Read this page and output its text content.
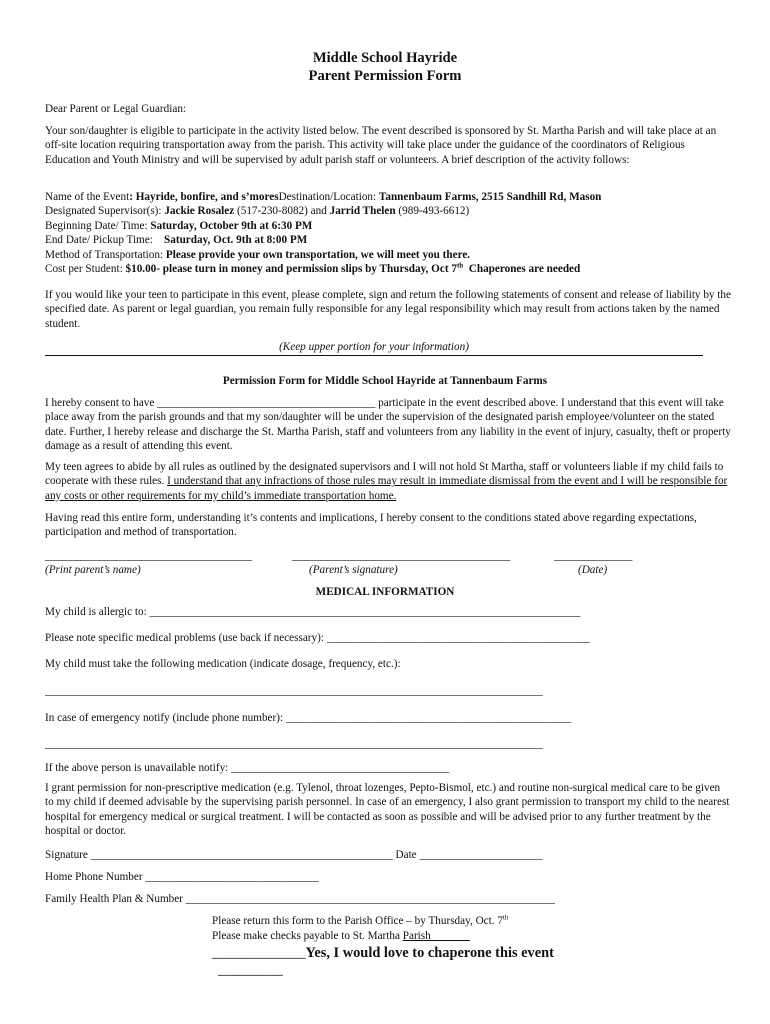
Middle School Hayride
Parent Permission Form
Dear Parent or Legal Guardian:
Your son/daughter is eligible to participate in the activity listed below. The event described is sponsored by St. Martha Parish and will take place at an off-site location requiring transportation away from the parish. This activity will take place under the guidance of the coordinators of Religious Education and Youth Ministry and will be supervised by adult parish staff or volunteers. A brief description of the activity follows:
Name of the Event: Hayride, bonfire, and s’moresDestination/Location: Tannenbaum Farms, 2515 Sandhill Rd, Mason
Designated Supervisor(s): Jackie Rosalez (517-230-8082) and Jarrid Thelen (989-493-6612)
Beginning Date/ Time: Saturday, October 9th at 6:30 PM
End Date/ Pickup Time:    Saturday, Oct. 9th at 8:00 PM
Method of Transportation: Please provide your own transportation, we will meet you there.
Cost per Student: $10.00- please turn in money and permission slips by Thursday, Oct 7th  Chaperones are needed
If you would like your teen to participate in this event, please complete, sign and return the following statements of consent and release of liability by the specified date. As parent or legal guardian, you remain fully responsible for any legal responsibility which may result from actions taken by the named student.
(Keep upper portion for your information)
Permission Form for Middle School Hayride at Tannenbaum Farms
I hereby consent to have _______________________________________ participate in the event described above. I understand that this event will take place away from the parish grounds and that my son/daughter will be under the supervision of the designated parish employee/volunteer on the stated date. Further, I hereby release and discharge the St. Martha Parish, staff and volunteers from any liability in the event of injury, casualty, theft or property damage as a result of attending this event.
My teen agrees to abide by all rules as outlined by the designated supervisors and I will not hold St Martha, staff or volunteers liable if my child fails to cooperate with these rules. I understand that any infractions of those rules may result in immediate dismissal from the event and I will be responsible for any costs or other requirements for my child’s immediate transportation home.
Having read this entire form, understanding it’s contents and implications, I hereby consent to the conditions stated above regarding expectations, participation and method of transportation.
_____________________________________	_______________________________________	______________
(Print parent’s name)	(Parent’s signature)	(Date)
MEDICAL INFORMATION
My child is allergic to: _____________________________________________________________________________
Please note specific medical problems (use back if necessary): _______________________________________________
My child must take the following medication (indicate dosage, frequency, etc.):
_________________________________________________________________________________________
In case of emergency notify (include phone number): ___________________________________________________
_________________________________________________________________________________________
If the above person is unavailable notify: _______________________________________
I grant permission for non-prescriptive medication (e.g. Tylenol, throat lozenges, Pepto-Bismol, etc.) and routine non-surgical medical care to be given to my child if deemed advisable by the supervising parish personnel. In case of an emergency, I also grant permission to transport my child to the nearest hospital for emergency medical or surgical treatment. I will be contacted as soon as possible and will be advised prior to any further treatment by the hospital or doctor.
Signature ______________________________________________________ Date ______________________
Home Phone Number _______________________________
Family Health Plan & Number __________________________________________________________________
Please return this form to the Parish Office – by Thursday, Oct. 7th
Please make checks payable to St. Martha Parish_______
_____________Yes, I would love to chaperone this event
_________
